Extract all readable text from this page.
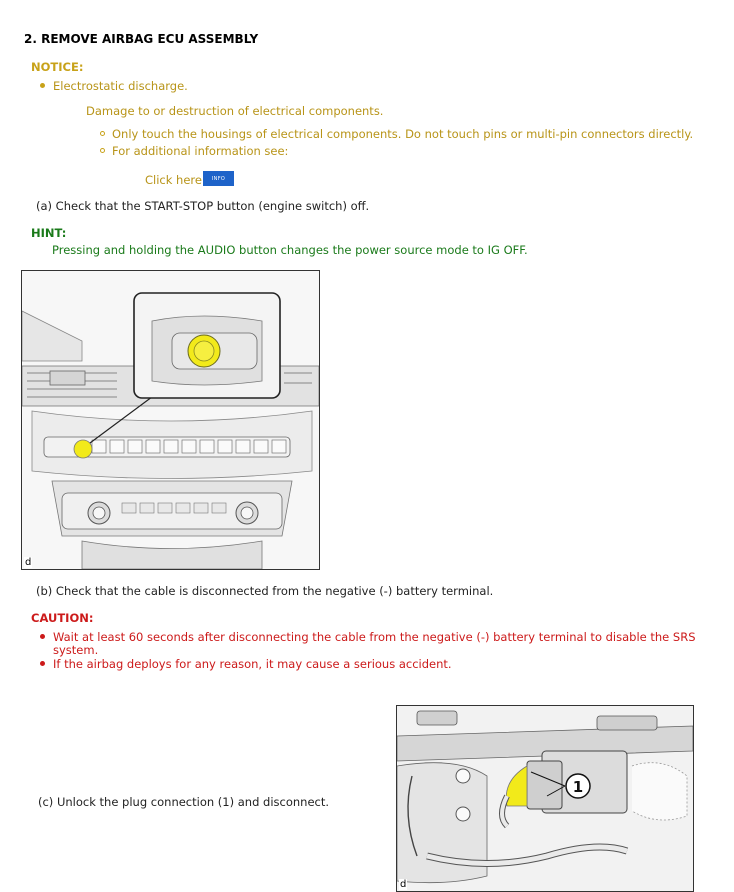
2. REMOVE AIRBAG ECU ASSEMBLY
NOTICE:
Electrostatic discharge.
Damage to or destruction of electrical components.
Only touch the housings of electrical components. Do not touch pins or multi-pin connectors directly.
For additional information see:
Click here	INFO
(a) Check that the START-STOP button (engine switch) off.
HINT:
Pressing and holding the AUDIO button changes the power source mode to IG OFF.
d
(b) Check that the cable is disconnected from the negative (-) battery terminal.
CAUTION:
Wait at least 60 seconds after disconnecting the cable from the negative (-) battery terminal to disable the SRS
system.
If the airbag deploys for any reason, it may cause a serious accident.
(c) Unlock the plug connection (1) and disconnect.
1
d
